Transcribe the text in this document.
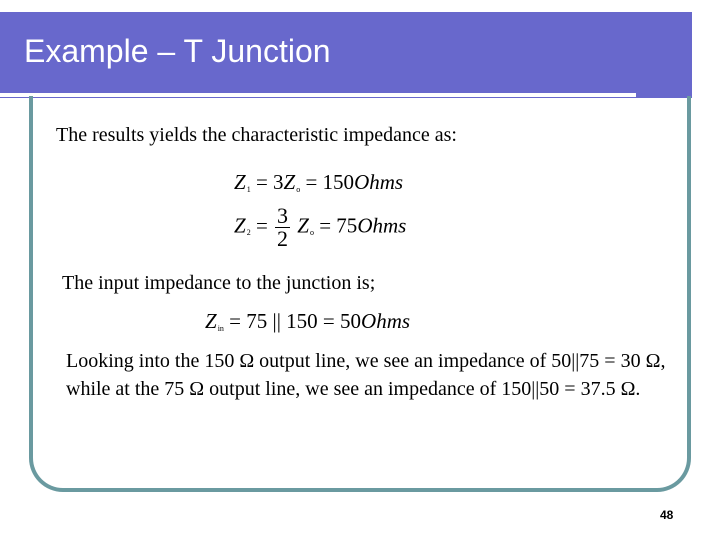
Example – T Junction
The results yields the characteristic impedance as:
$Z_1 = 3Z_o$ = 150Ohms
$Z_2 = \frac{3}{2} Z_o$ = 75Ohms
The input impedance to the junction is;
$Z_{in} = 75$ || 150 = 50Ohms
Looking into the 150 Ω output line, we see an impedance of 50||75 = 30 Ω, while at the 75 Ω output line, we see an impedance of 150||50 = 37.5 Ω.
48
